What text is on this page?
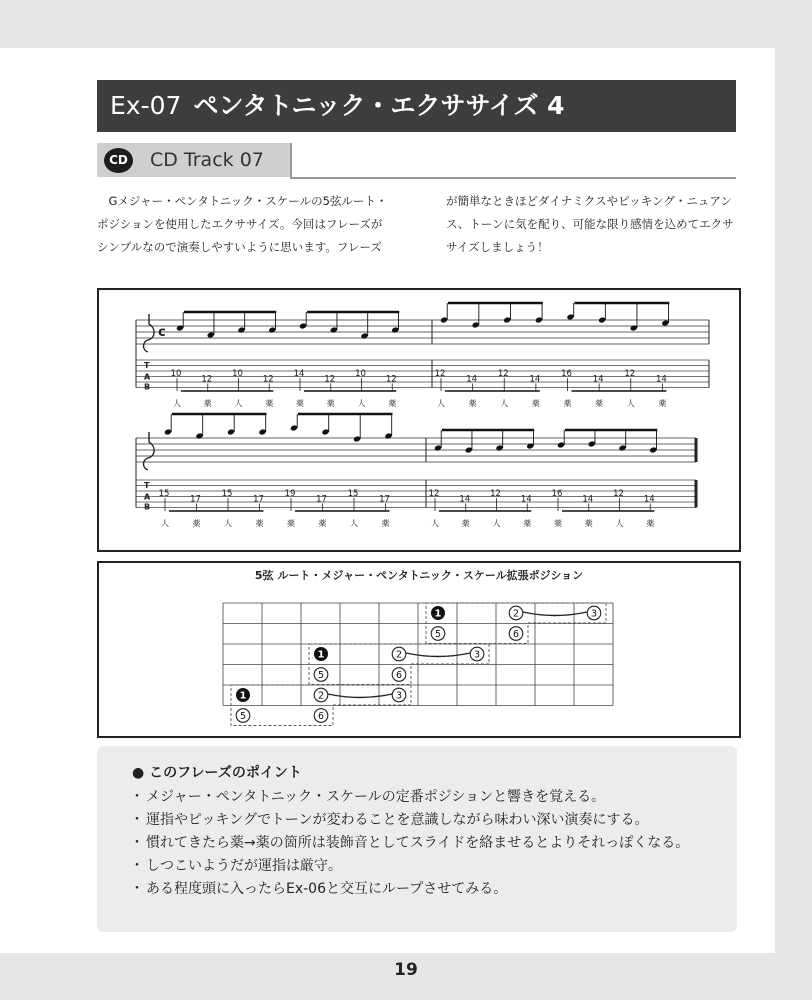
Ex-07 ペンタトニック・エクササイズ 4
CD CD Track 07

Gメジャー・ペンタトニック・スケールの5弦ルート・ポジションを使用したエクササイズ。今回はフレーズがシンプルなので演奏しやすいように思います。フレーズ

が簡単なときほどダイナミクスやピッキング・ニュアンス、トーンに気を配り、可能な限り感情を込めてエクササイズしましょう！

c
T
A
B
10
人
12
薬
10
人
12
薬
14
薬
12
薬
10
人
12
薬
12
人
14
薬
12
人
14
薬
16
薬
14
薬
12
人
14
薬
T
A
B
15
人
17
薬
15
人
17
薬
19
薬
17
薬
15
人
17
薬
12
人
14
薬
12
人
14
薬
16
薬
14
薬
12
人
14
薬
5弦 ルート・メジャー・ペンタトニック・スケール拡張ポジション
1	2	3
5	6
1	2	3
5	6
1	2	3
5	6
・ メジャー・ペンタトニック・スケールの定番ポジションと響きを覚える。
・ 運指やピッキングでトーンが変わることを意識しながら味わい深い演奏にする。
・ 慣れてきたら薬→薬の箇所は装飾音としてスライドを絡ませるとよりそれっぽくなる。
・ しつこいようだが運指は厳守。
・ ある程度頭に入ったらEx-06と交互にループさせてみる。
● このフレーズのポイント
19
